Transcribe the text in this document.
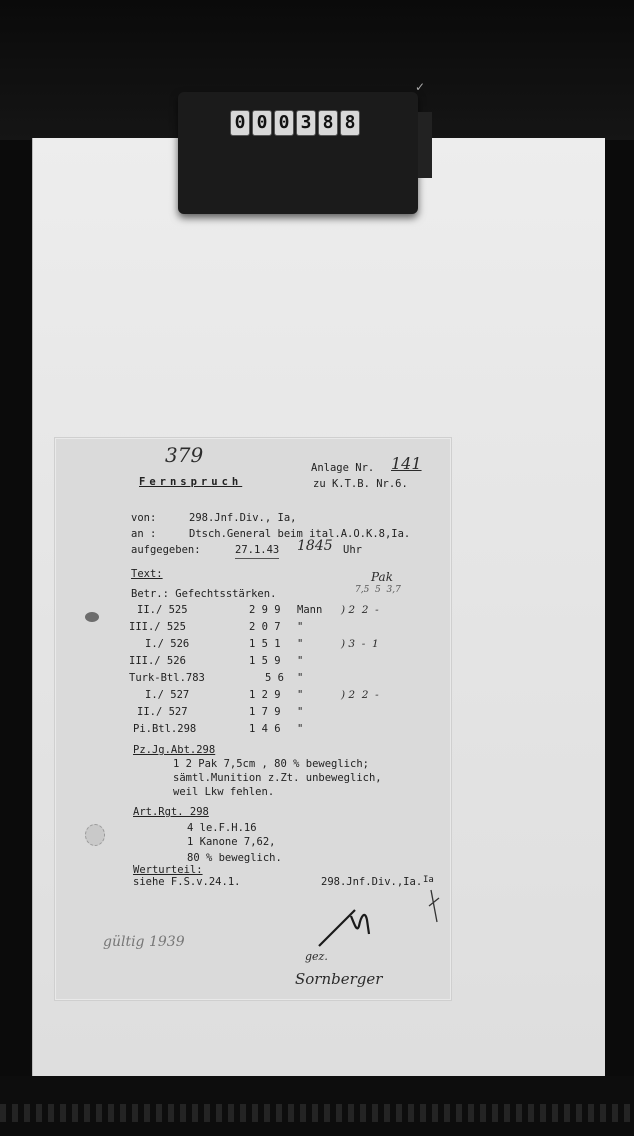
✓
0 0 0 3 8 8
379
Fernspruch
Anlage Nr. 141
zu K.T.B. Nr.6.
von:	298.Jnf.Div., Ia,
an :	Dtsch.General beim ital.A.O.K.8,Ia.
aufgegeben:	27.1.43 1845 Uhr
Text:
Betr.: Gefechtsstärken.
Pak
7,5  5  3,7
II./ 525	2 9 9 Mann ) 2  2  -
III./ 525	2 0 7 "
I./ 526	1 5 1 "	) 3  -  1
III./ 526	1 5 9 "
Turk-Btl.783	5 6 "
I./ 527	1 2 9 "	) 2  2  -
II./ 527	1 7 9 "
Pi.Btl.298	1 4 6 "
Pz.Jg.Abt.298
1 2 Pak 7,5cm , 80 % beweglich;
sämtl.Munition z.Zt. unbeweglich,
weil Lkw fehlen.
Art.Rgt. 298
4 le.F.H.16
1 Kanone 7,62,
80 % beweglich.
Werturteil:
siehe F.S.v.24.1.	298.Jnf.Div.,Ia. Ia
gez.
Sornberger
gültig 1939
